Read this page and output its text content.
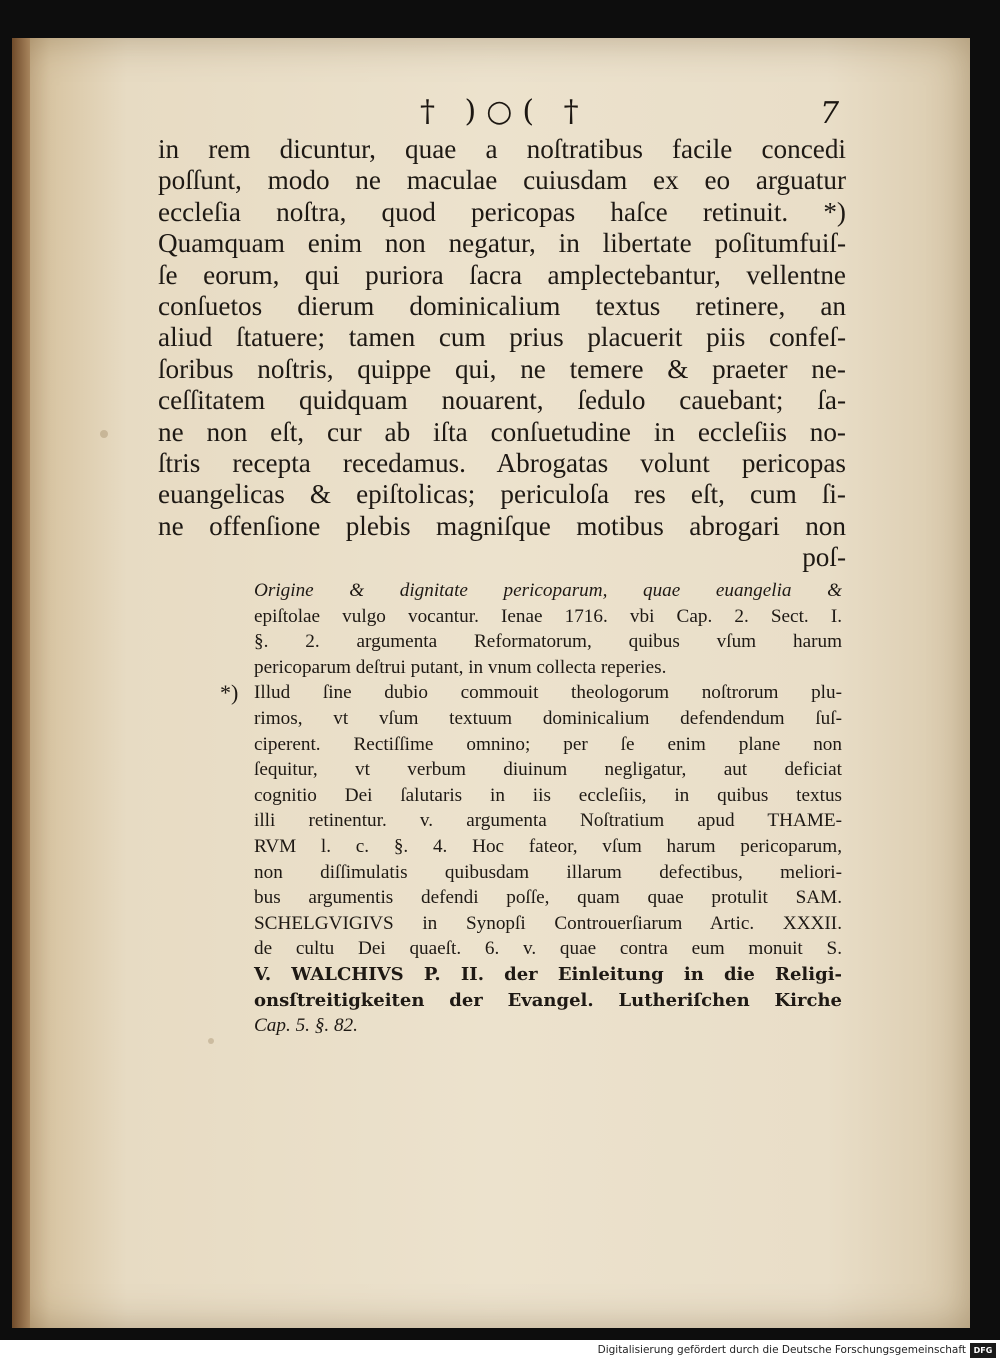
† )○( †	7
in rem dicuntur, quae a noſtratibus facile concedi
poſſunt, modo ne maculae cuiusdam ex eo arguatur
eccleſia noſtra, quod pericopas haſce retinuit. *)
Quamquam enim non negatur, in libertate poſitumfuiſ-
ſe eorum, qui puriora ſacra amplectebantur, vellentne
conſuetos dierum dominicalium textus retinere, an
aliud ſtatuere; tamen cum prius placuerit piis confeſ-
ſoribus noſtris, quippe qui, ne temere & praeter ne-
ceſſitatem quidquam nouarent, ſedulo cauebant; ſa-
ne non eſt, cur ab iſta conſuetudine in eccleſiis no-
ſtris recepta recedamus. Abrogatas volunt pericopas
euangelicas & epiſtolicas; periculoſa res eſt, cum ſi-
ne offenſione plebis magniſque motibus abrogari non
poſ-
Origine & dignitate pericoparum, quae euangelia &
epiſtolae vulgo vocantur. Ienae 1716. vbi Cap. 2. Sect. I.
§. 2. argumenta Reformatorum, quibus vſum harum
pericoparum deſtrui putant, in vnum collecta reperies.
*) Illud ſine dubio commouit theologorum noſtrorum plu-
rimos, vt vſum textuum dominicalium defendendum ſuſ-
ciperent. Rectiſſime omnino; per ſe enim plane non
ſequitur, vt verbum diuinum negligatur, aut deficiat
cognitio Dei ſalutaris in iis eccleſiis, in quibus textus
illi retinentur. v. argumenta Noſtratium apud THAME-
RVM l. c. §. 4. Hoc fateor, vſum harum pericoparum,
non diſſimulatis quibusdam illarum defectibus, meliori-
bus argumentis defendi poſſe, quam quae protulit SAM.
SCHELGVIGIVS in Synopſi Controuerſiarum Artic. XXXII.
de cultu Dei quaeſt. 6. v. quae contra eum monuit S.
V. WALCHIVS P. II. der Einleitung in die Religi-
onsſtreitigkeiten der Evangel. Lutheriſchen Kirche
Cap. 5. §. 82.
Digitalisierung gefördert durch die Deutsche Forschungsgemeinschaft DFG
